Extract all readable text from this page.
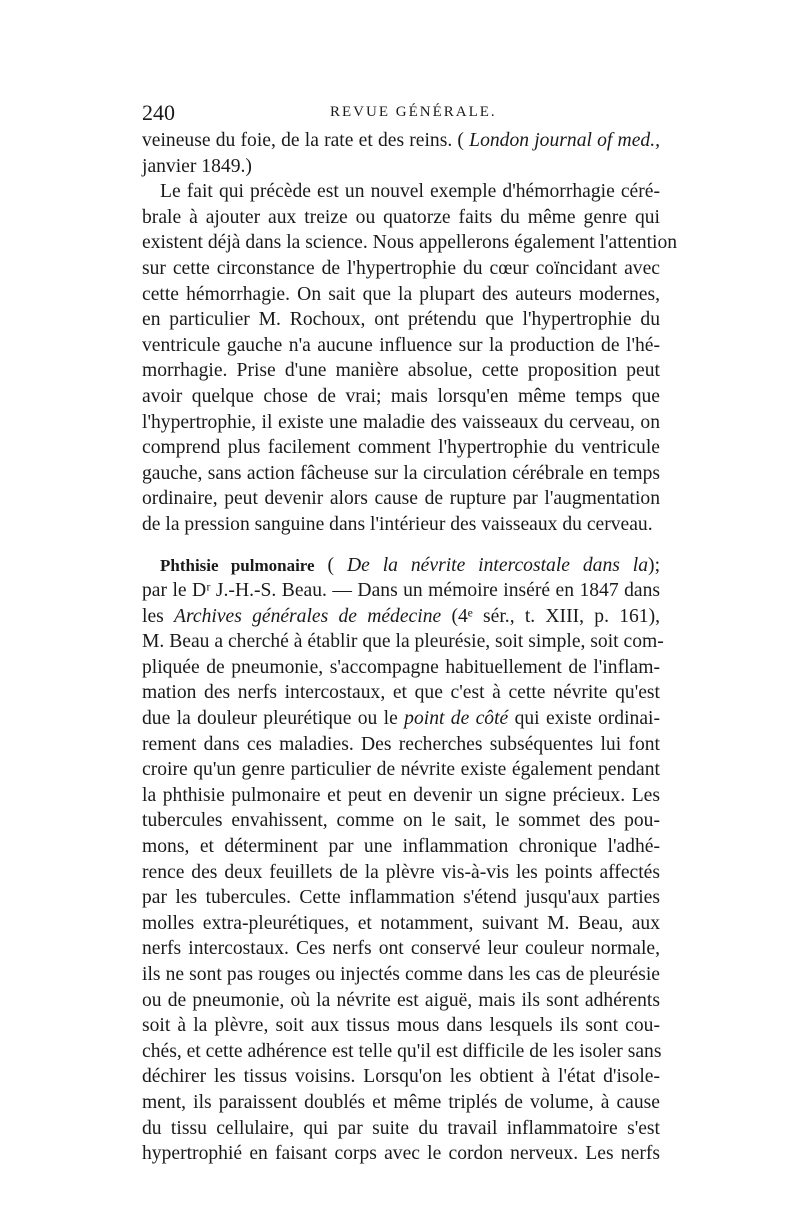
240	REVUE GÉNÉRALE.
veineuse du foie, de la rate et des reins. ( London journal of med.,
janvier 1849.)
Le fait qui précède est un nouvel exemple d'hémorrhagie céré-
brale à ajouter aux treize ou quatorze faits du même genre qui
existent déjà dans la science. Nous appellerons également l'attention
sur cette circonstance de l'hypertrophie du cœur coïncidant avec
cette hémorrhagie. On sait que la plupart des auteurs modernes,
en particulier M. Rochoux, ont prétendu que l'hypertrophie du
ventricule gauche n'a aucune influence sur la production de l'hé-
morrhagie. Prise d'une manière absolue, cette proposition peut
avoir quelque chose de vrai; mais lorsqu'en même temps que
l'hypertrophie, il existe une maladie des vaisseaux du cerveau, on
comprend plus facilement comment l'hypertrophie du ventricule
gauche, sans action fâcheuse sur la circulation cérébrale en temps
ordinaire, peut devenir alors cause de rupture par l'augmentation
de la pression sanguine dans l'intérieur des vaisseaux du cerveau.
Phthisie pulmonaire ( De la névrite intercostale dans la);
par le Dʳ J.-H.-S. Beau. — Dans un mémoire inséré en 1847 dans
les Archives générales de médecine (4ᵉ sér., t. XIII, p. 161),
M. Beau a cherché à établir que la pleurésie, soit simple, soit com-
pliquée de pneumonie, s'accompagne habituellement de l'inflam-
mation des nerfs intercostaux, et que c'est à cette névrite qu'est
due la douleur pleurétique ou le point de côté qui existe ordinai-
rement dans ces maladies. Des recherches subséquentes lui font
croire qu'un genre particulier de névrite existe également pendant
la phthisie pulmonaire et peut en devenir un signe précieux. Les
tubercules envahissent, comme on le sait, le sommet des pou-
mons, et déterminent par une inflammation chronique l'adhé-
rence des deux feuillets de la plèvre vis-à-vis les points affectés
par les tubercules. Cette inflammation s'étend jusqu'aux parties
molles extra-pleurétiques, et notamment, suivant M. Beau, aux
nerfs intercostaux. Ces nerfs ont conservé leur couleur normale,
ils ne sont pas rouges ou injectés comme dans les cas de pleurésie
ou de pneumonie, où la névrite est aiguë, mais ils sont adhérents
soit à la plèvre, soit aux tissus mous dans lesquels ils sont cou-
chés, et cette adhérence est telle qu'il est difficile de les isoler sans
déchirer les tissus voisins. Lorsqu'on les obtient à l'état d'isole-
ment, ils paraissent doublés et même triplés de volume, à cause
du tissu cellulaire, qui par suite du travail inflammatoire s'est
hypertrophié en faisant corps avec le cordon nerveux. Les nerfs
